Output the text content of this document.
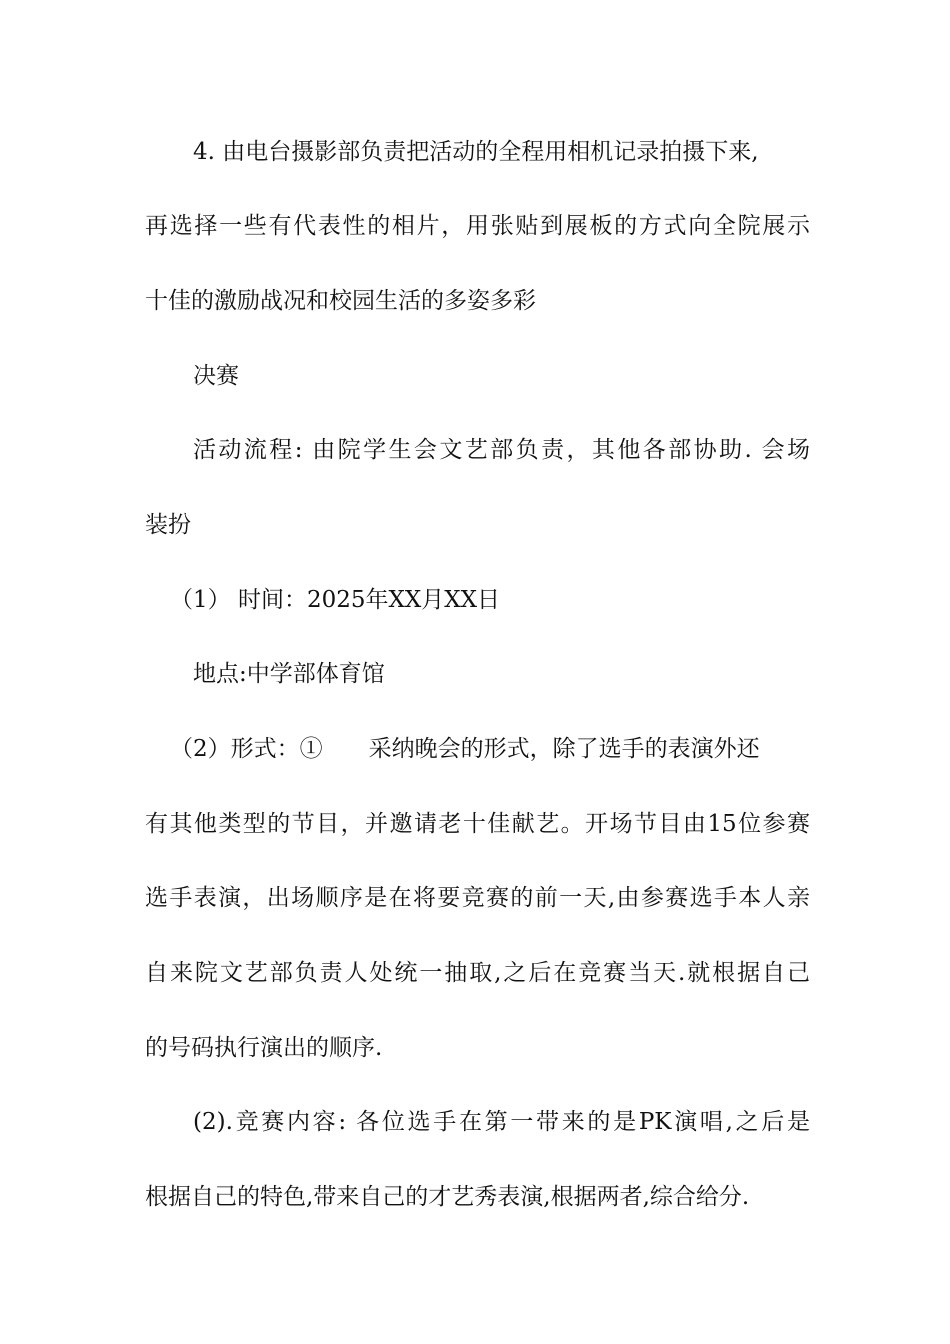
4. 由电台摄影部负责把活动的全程用相机记录拍摄下来,
再选择一些有代表性的相片，用张贴到展板的方式向全院展示
十佳的激励战况和校园生活的多姿多彩
决赛
活动流程: 由院学生会文艺部负责，其他各部协助. 会场
装扮
（1） 时间：2025年XX月XX日
地点:中学部体育馆
（2）形式：① 采纳晚会的形式，除了选手的表演外还
有其他类型的节目，并邀请老十佳献艺。开场节目由15位参赛
选手表演，出场顺序是在将要竞赛的前一天,由参赛选手本人亲
自来院文艺部负责人处统一抽取,之后在竞赛当天.就根据自己
的号码执行演出的顺序.
(2).竞赛内容: 各位选手在第一带来的是PK演唱,之后是
根据自己的特色,带来自己的才艺秀表演,根据两者,综合给分.
